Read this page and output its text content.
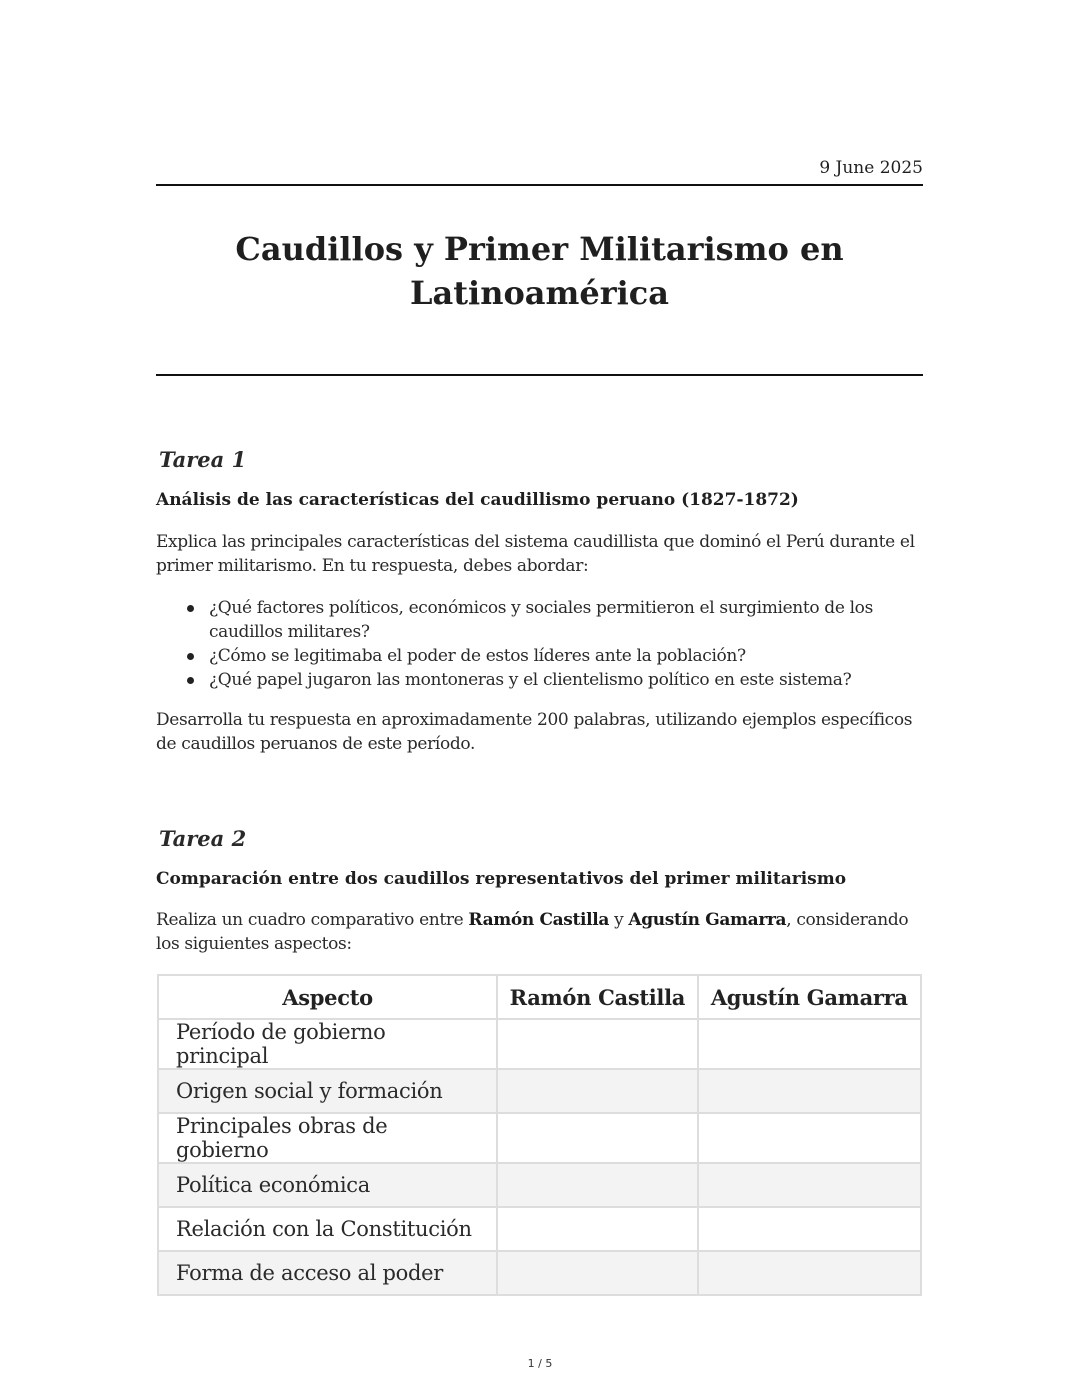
9 June 2025
Caudillos y Primer Militarismo en
Latinoamérica
Tarea 1
Análisis de las características del caudillismo peruano (1827-1872)

Explica las principales características del sistema caudillista que dominó el Perú durante el primer militarismo. En tu respuesta, debes abordar:

¿Qué factores políticos, económicos y sociales permitieron el surgimiento de los caudillos militares?
¿Cómo se legitimaba el poder de estos líderes ante la población?
¿Qué papel jugaron las montoneras y el clientelismo político en este sistema?

Desarrolla tu respuesta en aproximadamente 200 palabras, utilizando ejemplos específicos de caudillos peruanos de este período.

Tarea 2
Comparación entre dos caudillos representativos del primer militarismo

Realiza un cuadro comparativo entre Ramón Castilla y Agustín Gamarra, considerando los siguientes aspectos:

Aspecto	Ramón Castilla	Agustín Gamarra
Período de gobierno principal		
Origen social y formación		
Principales obras de gobierno		
Política económica		
Relación con la Constitución		
Forma de acceso al poder		
1 / 5
